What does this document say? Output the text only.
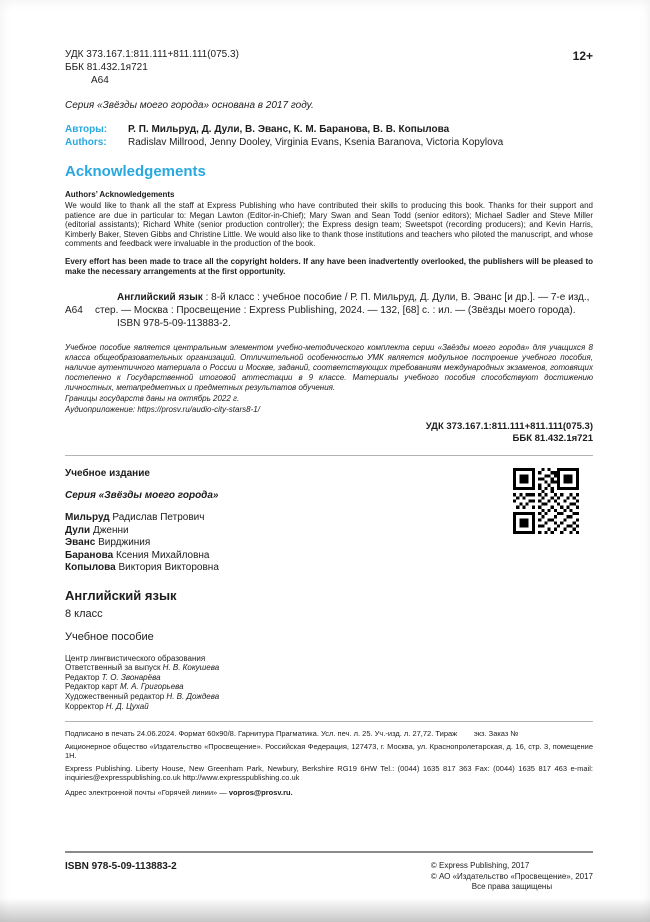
УДК 373.167.1:811.111+811.111(075.3)
ББК 81.432.1я721
А64
12+

Серия «Звёзды моего города» основана в 2017 году.

Авторы: Р. П. Мильруд, Д. Дули, В. Эванс, К. М. Баранова, В. В. Копылова
Authors: Radislav Millrood, Jenny Dooley, Virginia Evans, Ksenia Baranova, Victoria Kopylova
Acknowledgements
Authors’ Acknowledgements

We would like to thank all the staff at Express Publishing who have contributed their skills to producing this book. Thanks for their support and patience are due in particular to: Megan Lawton (Editor-in-Chief); Mary Swan and Sean Todd (senior editors); Michael Sadler and Steve Miller (editorial assistants); Richard White (senior production controller); the Express design team; Sweetspot (recording producers); and Kevin Harris, Kimberly Baker, Steven Gibbs and Christine Little. We would also like to thank those institutions and teachers who piloted the manuscript, and whose comments and feedback were invaluable in the production of the book.

Every effort has been made to trace all the copyright holders. If any have been inadvertently overlooked, the publishers will be pleased to make the necessary arrangements at the first opportunity.

А64

Английский язык : 8-й класс : учебное пособие / Р. П. Мильруд, Д. Дули, В. Эванс [и др.]. — 7-е изд., стер. — Москва : Просвещение : Express Publishing, 2024. — 132, [68] с. : ил. — (Звёзды моего города).

ISBN 978-5-09-113883-2.

Учебное пособие является центральным элементом учебно-методического комплекта серии «Звёзды моего города» для учащихся 8 класса общеобразовательных организаций. Отличительной особенностью УМК является модульное построение учебного пособия, наличие аутентичного материала о России и Москве, заданий, соответствующих требованиям международных экзаменов, готовящих постепенно к Государственной итоговой аттестации в 9 классе. Материалы учебного пособия способствуют достижению личностных, метапредметных и предметных результатов обучения.

Границы государств даны на октябрь 2022 г.

Аудиоприложение: https://prosv.ru/audio-city-stars8-1/

УДК 373.167.1:811.111+811.111(075.3)
ББК 81.432.1я721

Учебное издание

Серия «Звёзды моего города»

Мильруд Радислав Петрович

Дули Дженни

Эванс Вирджиния

Баранова Ксения Михайловна

Копылова Виктория Викторовна

Английский язык

8 класс

Учебное пособие

Центр лингвистического образования

Ответственный за выпуск Н. В. Кокушева

Редактор Т. О. Звонарёва

Редактор карт М. А. Григорьева

Художественный редактор Н. В. Дождева

Корректор Н. Д. Цухай

Подписано в печать 24.06.2024. Формат 60х90/8. Гарнитура Прагматика. Усл. печ. л. 25. Уч.-изд. л. 27,72. Тираж        экз. Заказ №

Акционерное общество «Издательство «Просвещение». Российская Федерация, 127473, г. Москва, ул. Краснопролетарская, д. 16, стр. 3, помещение 1Н.

Express Publishing. Liberty House, New Greenham Park, Newbury, Berkshire RG19 6HW Tel.: (0044) 1635 817 363 Fax: (0044) 1635 817 463 e-mail: inquiries@expresspublishing.co.uk http://www.expresspublishing.co.uk

Адрес электронной почты «Горячей линии» — vopros@prosv.ru.

ISBN 978-5-09-113883-2	© Express Publishing, 2017
© АО «Издательство «Просвещение», 2017
Все права защищены
